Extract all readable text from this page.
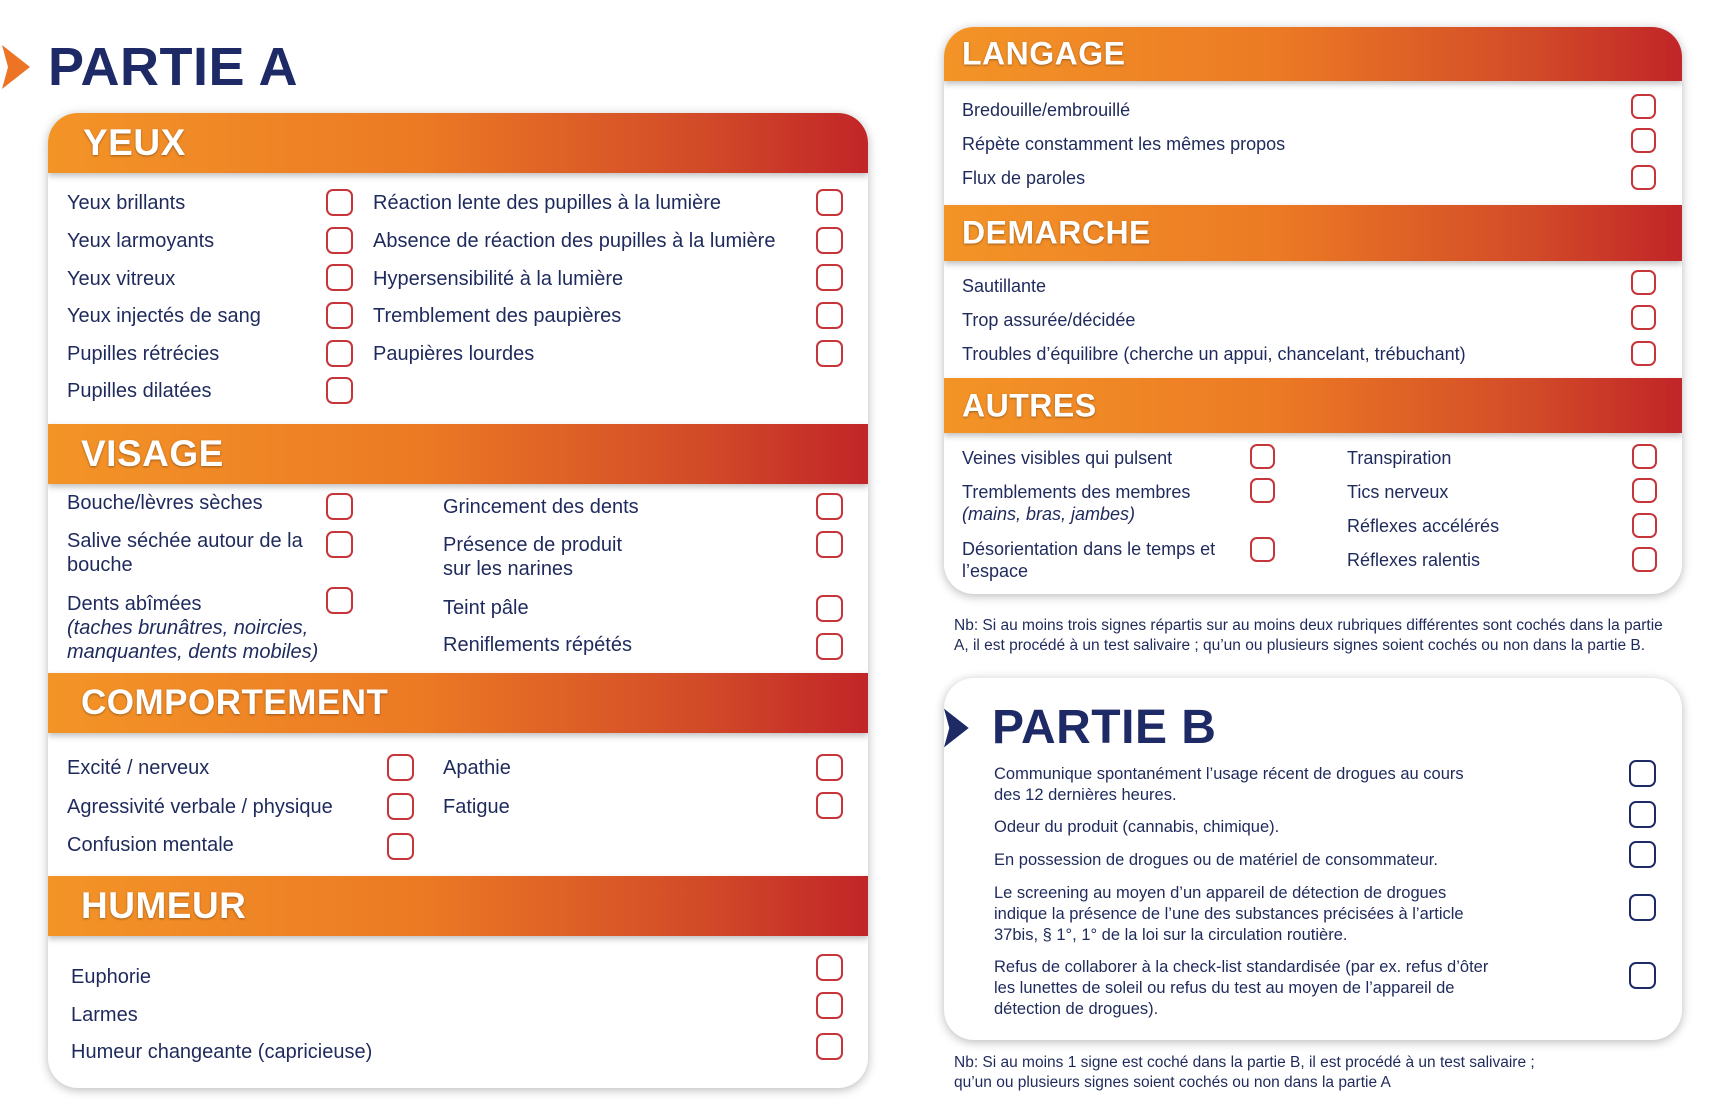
PARTIE A
YEUX
Yeux brillants
Yeux larmoyants
Yeux vitreux
Yeux injectés de sang
Pupilles rétrécies
Pupilles dilatées
Réaction lente des pupilles à la lumière
Absence de réaction des pupilles à la lumière
Hypersensibilité à la lumière
Tremblement des paupières
Paupières lourdes
VISAGE
Bouche/lèvres sèches
Salive séchée autour de la
bouche
Dents abîmées
(taches brunâtres, noircies,
manquantes, dents mobiles)
Grincement des dents
Présence de produit
sur les narines
Teint pâle
Reniflements répétés
COMPORTEMENT
Excité / nerveux
Agressivité verbale / physique
Confusion mentale
Apathie
Fatigue
HUMEUR
Euphorie
Larmes
Humeur changeante (capricieuse)
LANGAGE
Bredouille/embrouillé
Répète constamment les mêmes propos
Flux de paroles
DEMARCHE
Sautillante
Trop assurée/décidée
Troubles d’équilibre (cherche un appui, chancelant, trébuchant)
AUTRES
Veines visibles qui pulsent
Tremblements des membres
(mains, bras, jambes)
Désorientation dans le temps et
l’espace
Transpiration
Tics nerveux
Réflexes accélérés
Réflexes ralentis
Nb: Si au moins trois signes répartis sur au moins deux rubriques différentes sont cochés dans la partie
A, il est procédé à un test salivaire ; qu’un ou plusieurs signes soient cochés ou non dans la partie B.
PARTIE B
Communique spontanément l’usage récent de drogues au cours
des 12 dernières heures.
Odeur du produit (cannabis, chimique).
En possession de drogues ou de matériel de consommateur.
Le screening au moyen d’un appareil de détection de drogues
indique la présence de l’une des substances précisées à l’article
37bis, § 1°, 1° de la loi sur la circulation routière.
Refus de collaborer à la check-list standardisée (par ex. refus d’ôter
les lunettes de soleil ou refus du test au moyen de l’appareil de
détection de drogues).
Nb: Si au moins 1 signe est coché dans la partie B, il est procédé à un test salivaire ;
qu’un ou plusieurs signes soient cochés ou non dans la partie A
